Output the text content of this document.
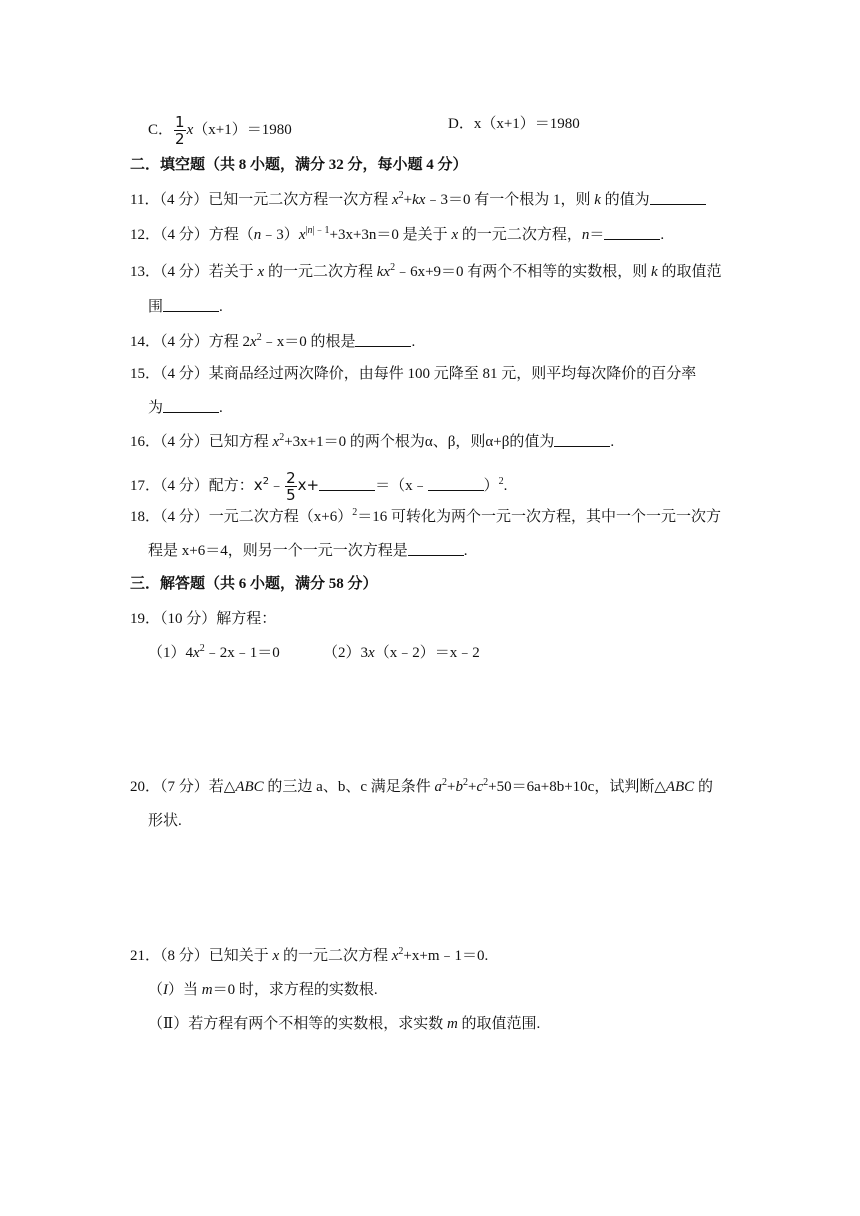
C． $\frac{1}{2} x(x+1)=1980$	D．x（x+1）＝1980
二．填空题（共 8 小题，满分 32 分，每小题 4 分）
11．（4 分）已知一元二次方程一次方程 $x^2+kx﹣3=0$ 有一个根为 1，则 k 的值为
12．（4 分）方程$(n﹣3)x^{|n|﹣1}+3x+3n=0$ 是关于 x 的一元二次方程，n＝	.
13．（4 分）若关于 x 的一元二次方程 $kx^2﹣6x+9=0$ 有两个不相等的实数根，则 k 的取值范
围	.
14．（4 分）方程 $2x^2﹣x=0$ 的根是	.
15．（4 分）某商品经过两次降价，由每件 100 元降至 81 元，则平均每次降价的百分率
为	.
16．（4 分）已知方程 $x^2+3x+1=0$ 的两个根为α、β，则α+β的值为	.
17．（4 分）配方：$x^2﹣ \frac{2}{5} x+$	＝（x﹣	）$^2$.
18．（4 分）一元二次方程$(x+6)^2=16$ 可转化为两个一元一次方程，其中一个一元一次方
程是 x+6＝4，则另一个一元一次方程是	.
三．解答题（共 6 小题，满分 58 分）
19．（10 分）解方程：
$(1)4x^2﹣2x﹣1=0$	（2）3x（x﹣2）＝x﹣2
20．（7 分）若△ABC 的三边 a、b、c 满足条件 $a^2+b^2+c^2+50=6a+8b+10c$，试判断△ABC 的
形状.
21．（8 分）已知关于 x 的一元二次方程 $x^2+x+m﹣1=0$.
（I）当 m＝0 时，求方程的实数根.
（Ⅱ）若方程有两个不相等的实数根，求实数 m 的取值范围.
